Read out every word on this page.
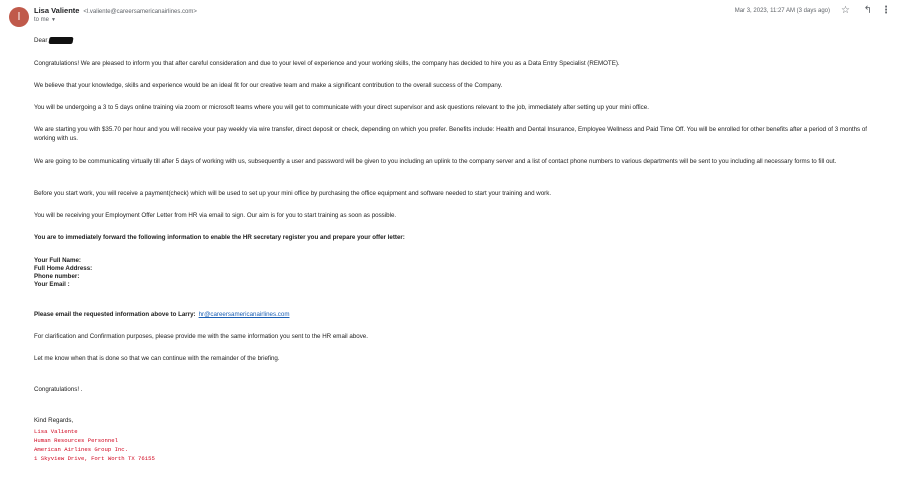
l
Lisa Valiente <l.valiente@careersamericanairlines.com>
to me ▼
Mar 3, 2023, 11:27 AM (3 days ago) ☆ ↰ ⋮
Dear

Congratulations! We are pleased to inform you that after careful consideration and due to your level of experience and your working skills, the company has decided to hire you as a Data Entry Specialist (REMOTE).

We believe that your knowledge, skills and experience would be an ideal fit for our creative team and make a significant contribution to the overall success of the Company.

You will be undergoing a 3 to 5 days online training via zoom or microsoft teams where you will get to communicate with your direct supervisor and ask questions relevant to the job, immediately after setting up your mini office.

We are starting you with $35.70 per hour and you will receive your pay weekly via wire transfer, direct deposit or check, depending on which you prefer. Benefits include: Health and Dental Insurance, Employee Wellness and Paid Time Off. You will be enrolled for other benefits after a period of 3 months of working with us.

We are going to be communicating virtually till after 5 days of working with us, subsequently a user and password will be given to you including an uplink to the company server and a list of contact phone numbers to various departments will be sent to you including all necessary forms to fill out.

Before you start work, you will receive a payment(check) which will be used to set up your mini office by purchasing the office equipment and software needed to start your training and work.

You will be receiving your Employment Offer Letter from HR via email to sign. Our aim is for you to start training as soon as possible.

You are to immediately forward the following information to enable the HR secretary register you and prepare your offer letter:

Your Full Name:
Full Home Address:
Phone number:
Your Email :

Please email the requested information above to Larry: hr@careersamericanairlines.com

For clarification and Confirmation purposes, please provide me with the same information you sent to the HR email above.

Let me know when that is done so that we can continue with the remainder of the briefing.

Congratulations! .

Kind Regards,
Lisa Valiente
Human Resources Personnel
American Airlines Group Inc.
1 Skyview Drive, Fort Worth TX 76155
